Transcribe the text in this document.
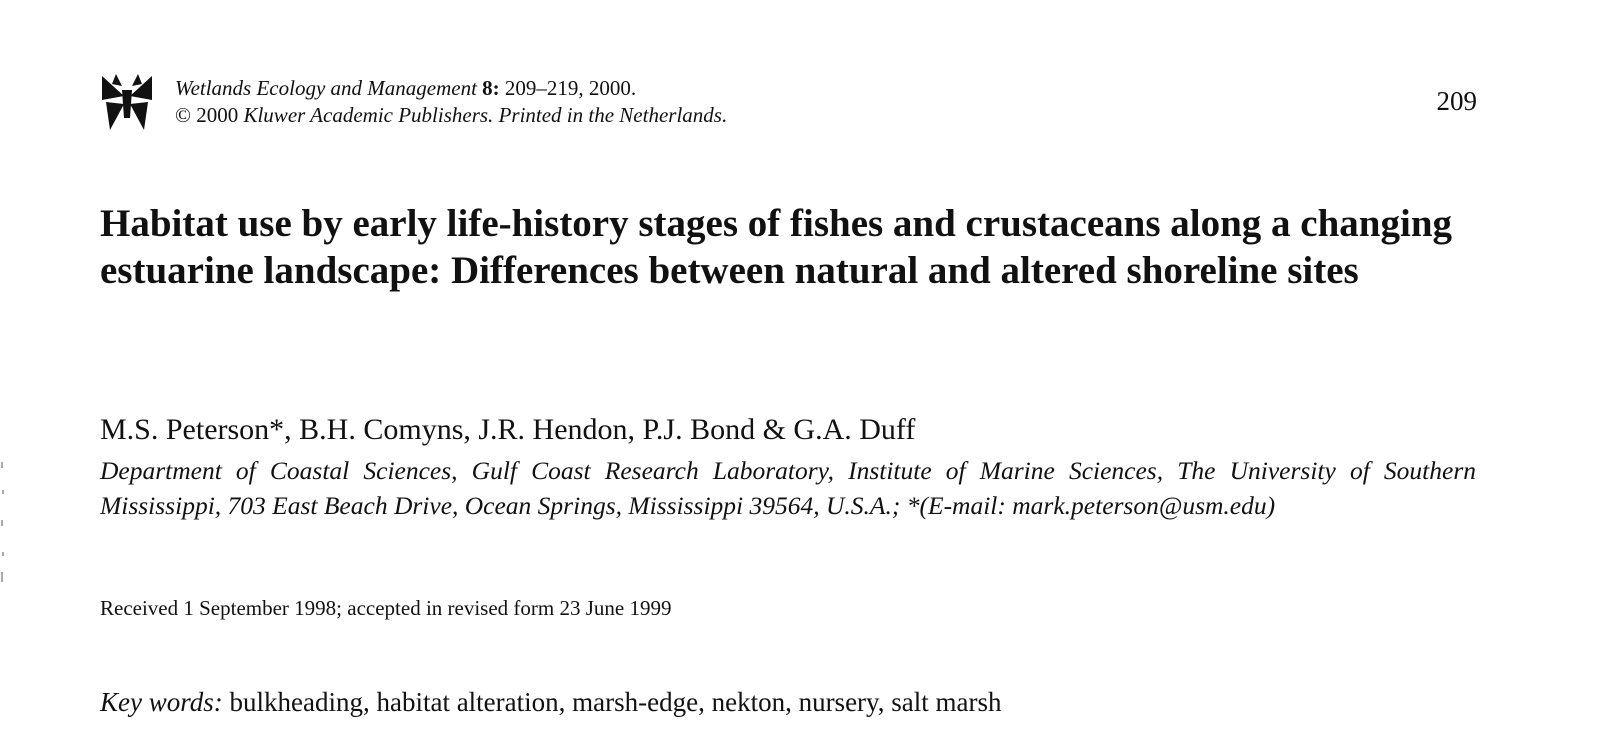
Wetlands Ecology and Management 8: 209–219, 2000.
© 2000 Kluwer Academic Publishers. Printed in the Netherlands.	209
Habitat use by early life-history stages of fishes and crustaceans along a changing estuarine landscape: Differences between natural and altered shoreline sites
M.S. Peterson*, B.H. Comyns, J.R. Hendon, P.J. Bond & G.A. Duff
Department of Coastal Sciences, Gulf Coast Research Laboratory, Institute of Marine Sciences, The University of Southern Mississippi, 703 East Beach Drive, Ocean Springs, Mississippi 39564, U.S.A.; *(E-mail: mark.peterson@usm.edu)
Received 1 September 1998; accepted in revised form 23 June 1999
Key words: bulkheading, habitat alteration, marsh-edge, nekton, nursery, salt marsh
